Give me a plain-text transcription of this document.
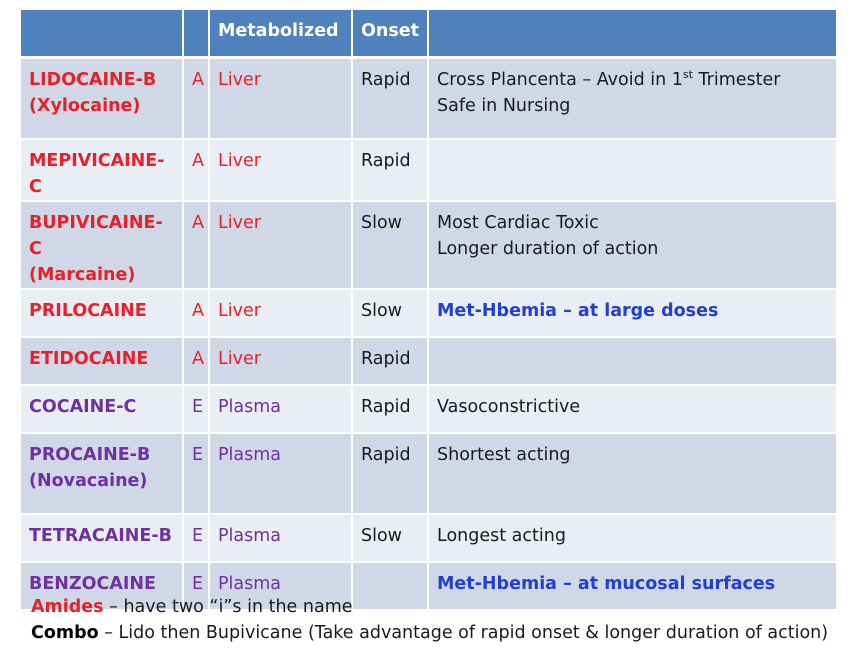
		Metabolized	Onset	
LIDOCAINE-B
(Xylocaine)	A	Liver	Rapid	Cross Plancenta – Avoid in 1st Trimester
Safe in Nursing
MEPIVICAINE-C	A	Liver	Rapid	
BUPIVICAINE-C
(Marcaine)	A	Liver	Slow	Most Cardiac Toxic
Longer duration of action
PRILOCAINE	A	Liver	Slow	Met-Hbemia – at large doses
ETIDOCAINE	A	Liver	Rapid	
COCAINE-C	E	Plasma	Rapid	Vasoconstrictive
PROCAINE-B
(Novacaine)	E	Plasma	Rapid	Shortest acting
TETRACAINE-B	E	Plasma	Slow	Longest acting
BENZOCAINE	E	Plasma		Met-Hbemia – at mucosal surfaces
Amides – have two “i”s in the name
Combo – Lido then Bupivicane (Take advantage of rapid onset & longer duration of action)
